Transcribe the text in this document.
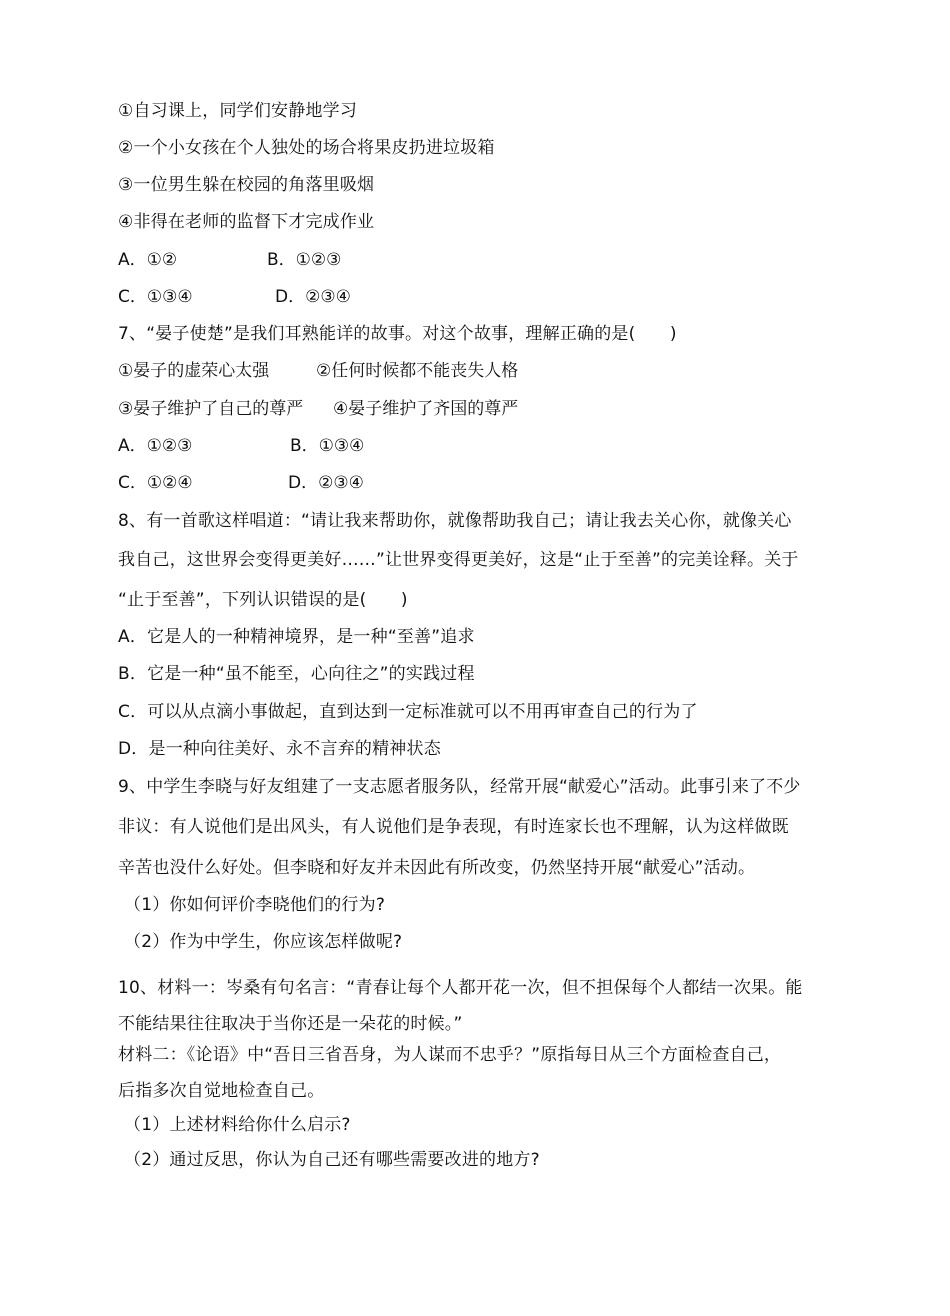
①自习课上，同学们安静地学习
②一个小女孩在个人独处的场合将果皮扔进垃圾箱
③一位男生躲在校园的角落里吸烟
④非得在老师的监督下才完成作业
A．①②	B．①②③
C．①③④	D．②③④
7、“晏子使楚”是我们耳熟能详的故事。对这个故事，理解正确的是(　　)
①晏子的虚荣心太强	②任何时候都不能丧失人格
③晏子维护了自己的尊严 ④晏子维护了齐国的尊严
A．①②③	B．①③④
C．①②④	D．②③④
8、有一首歌这样唱道：“请让我来帮助你，就像帮助我自己；请让我去关心你，就像关心
我自己，这世界会变得更美好……”让世界变得更美好，这是“止于至善”的完美诠释。关于
“止于至善”，下列认识错误的是(　　)
A．它是人的一种精神境界，是一种“至善”追求
B．它是一种“虽不能至，心向往之”的实践过程
C．可以从点滴小事做起，直到达到一定标准就可以不用再审查自己的行为了
D．是一种向往美好、永不言弃的精神状态
9、中学生李晓与好友组建了一支志愿者服务队，经常开展“献爱心”活动。此事引来了不少
非议：有人说他们是出风头，有人说他们是争表现，有时连家长也不理解，认为这样做既
辛苦也没什么好处。但李晓和好友并未因此有所改变，仍然坚持开展“献爱心”活动。
（1）你如何评价李晓他们的行为?
（2）作为中学生，你应该怎样做呢?
10、材料一：岑桑有句名言：“青春让每个人都开花一次，但不担保每个人都结一次果。能
不能结果往往取决于当你还是一朵花的时候。”
材料二：《论语》中“吾日三省吾身，为人谋而不忠乎？”原指每日从三个方面检查自己，
后指多次自觉地检查自己。
（1）上述材料给你什么启示?
（2）通过反思，你认为自己还有哪些需要改进的地方?
